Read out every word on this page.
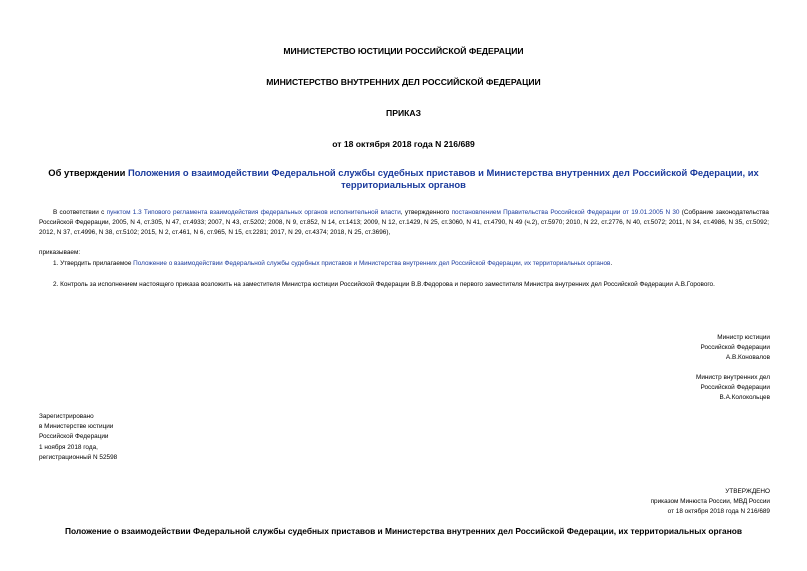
МИНИСТЕРСТВО ЮСТИЦИИ РОССИЙСКОЙ ФЕДЕРАЦИИ

МИНИСТЕРСТВО ВНУТРЕННИХ ДЕЛ РОССИЙСКОЙ ФЕДЕРАЦИИ

ПРИКАЗ

от 18 октября 2018 года N 216/689

Об утверждении Положения о взаимодействии Федеральной службы судебных приставов и Министерства внутренних дел Российской Федерации, их территориальных органов

В соответствии с пунктом 1.3 Типового регламента взаимодействия федеральных органов исполнительной власти, утвержденного постановлением Правительства Российской Федерации от 19.01.2005 N 30 (Собрание законодательства Российской Федерации, 2005, N 4, ст.305, N 47, ст.4933; 2007, N 43, ст.5202; 2008, N 9, ст.852, N 14, ст.1413; 2009, N 12, ст.1429, N 25, ст.3060, N 41, ст.4790, N 49 (ч.2), ст.5970; 2010, N 22, ст.2776, N 40, ст.5072; 2011, N 34, ст.4986, N 35, ст.5092; 2012, N 37, ст.4996, N 38, ст.5102; 2015, N 2, ст.461, N 6, ст.965, N 15, ст.2281; 2017, N 29, ст.4374; 2018, N 25, ст.3696),

приказываем:

1. Утвердить прилагаемое Положение о взаимодействии Федеральной службы судебных приставов и Министерства внутренних дел Российской Федерации, их территориальных органов.

2. Контроль за исполнением настоящего приказа возложить на заместителя Министра юстиции Российской Федерации В.В.Федорова и первого заместителя Министра внутренних дел Российской Федерации А.В.Горового.

Министр юстиции
Российской Федерации
А.В.Коновалов
Министр внутренних дел
Российской Федерации
В.А.Колокольцев
Зарегистрировано
в Министерстве юстиции
Российской Федерации
1 ноября 2018 года,
регистрационный N 52598
УТВЕРЖДЕНО
приказом Минюста России, МВД России
от 18 октября 2018 года N 216/689

Положение о взаимодействии Федеральной службы судебных приставов и Министерства внутренних дел Российской Федерации, их территориальных органов
